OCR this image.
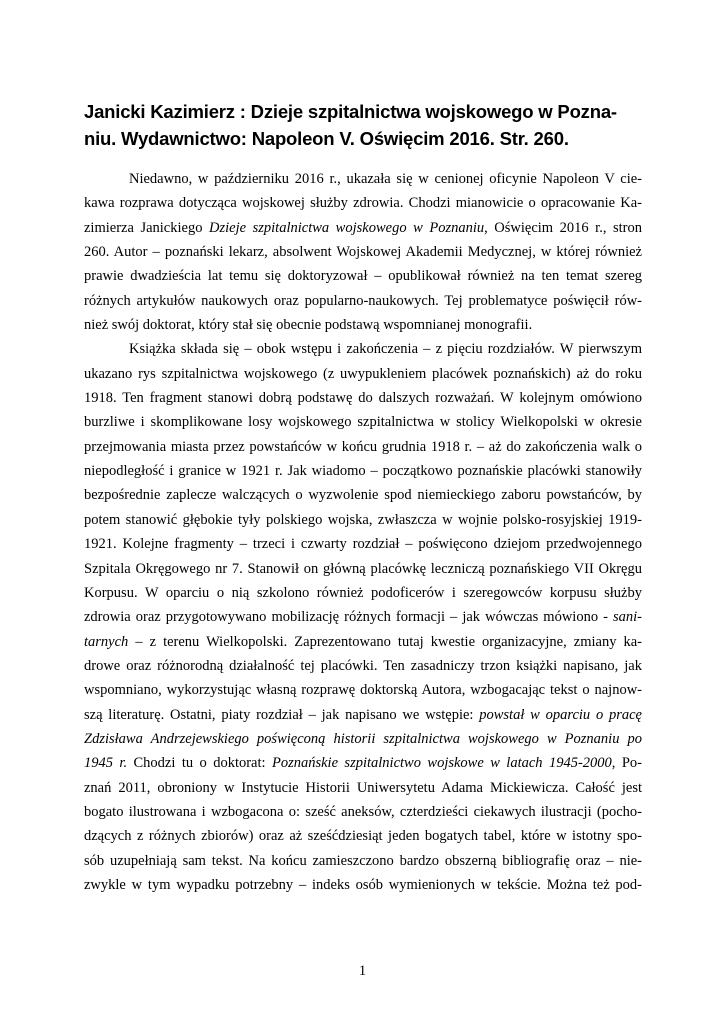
Janicki Kazimierz : Dzieje szpitalnictwa wojskowego w Pozna-
niu. Wydawnictwo: Napoleon V. Oświęcim 2016. Str. 260.
Niedawno, w październiku 2016 r., ukazała się w cenionej oficynie Napoleon V cie-
kawa rozprawa dotycząca wojskowej służby zdrowia. Chodzi mianowicie o opracowanie Ka-
zimierza Janickiego Dzieje szpitalnictwa wojskowego w Poznaniu, Oświęcim 2016 r., stron
260. Autor – poznański lekarz, absolwent Wojskowej Akademii Medycznej, w której również
prawie dwadzieścia lat temu się doktoryzował – opublikował również na ten temat szereg
różnych artykułów naukowych oraz popularno-naukowych. Tej problematyce poświęcił rów-
nież swój doktorat, który stał się obecnie podstawą wspomnianej monografii.
Książka składa się – obok wstępu i zakończenia – z pięciu rozdziałów. W pierwszym
ukazano rys szpitalnictwa wojskowego (z uwypukleniem placówek poznańskich) aż do roku
1918. Ten fragment stanowi dobrą podstawę do dalszych rozważań. W kolejnym omówiono
burzliwe i skomplikowane losy wojskowego szpitalnictwa w stolicy Wielkopolski w okresie
przejmowania miasta przez powstańców w końcu grudnia 1918 r. – aż do zakończenia walk o
niepodległość i granice w 1921 r. Jak wiadomo – początkowo poznańskie placówki stanowiły
bezpośrednie zaplecze walczących o wyzwolenie spod niemieckiego zaboru powstańców, by
potem stanowić głębokie tyły polskiego wojska, zwłaszcza w wojnie polsko-rosyjskiej 1919-
1921. Kolejne fragmenty – trzeci i czwarty rozdział – poświęcono dziejom przedwojennego
Szpitala Okręgowego nr 7. Stanowił on główną placówkę leczniczą poznańskiego VII Okręgu
Korpusu. W oparciu o nią szkolono również podoficerów i szeregowców korpusu służby
zdrowia oraz przygotowywano mobilizację różnych formacji – jak wówczas mówiono - sani-
tarnych – z terenu Wielkopolski. Zaprezentowano tutaj kwestie organizacyjne, zmiany ka-
drowe oraz różnorodną działalność tej placówki. Ten zasadniczy trzon książki napisano, jak
wspomniano, wykorzystując własną rozprawę doktorską Autora, wzbogacając tekst o najnow-
szą literaturę. Ostatni, piaty rozdział – jak napisano we wstępie: powstał w oparciu o pracę
Zdzisława Andrzejewskiego poświęconą historii szpitalnictwa wojskowego w Poznaniu po
1945 r. Chodzi tu o doktorat: Poznańskie szpitalnictwo wojskowe w latach 1945-2000, Po-
znań 2011, obroniony w Instytucie Historii Uniwersytetu Adama Mickiewicza. Całość jest
bogato ilustrowana i wzbogacona o: sześć aneksów, czterdzieści ciekawych ilustracji (pocho-
dzących z różnych zbiorów) oraz aż sześćdziesiąt jeden bogatych tabel, które w istotny spo-
sób uzupełniają sam tekst. Na końcu zamieszczono bardzo obszerną bibliografię oraz – nie-
zwykle w tym wypadku potrzebny – indeks osób wymienionych w tekście. Można też pod-
1
